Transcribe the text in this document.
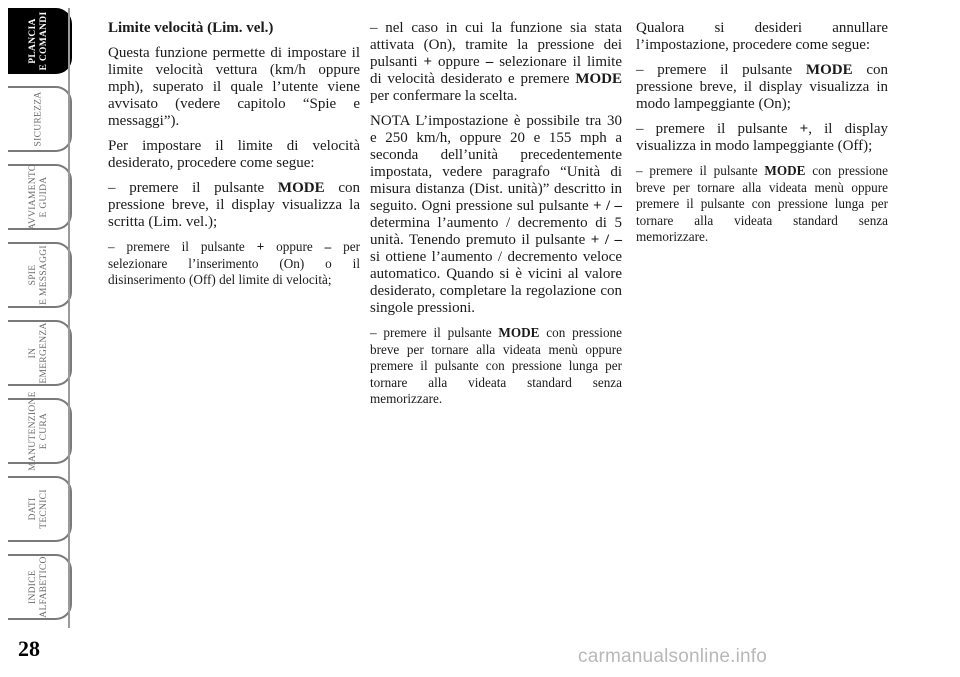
PLANCIA
E COMANDI
SICUREZZA
AVVIAMENTO
E GUIDA
SPIE
E MESSAGGI
IN
EMERGENZA
MANUTENZIONE
E CURA
DATI
TECNICI
INDICE
ALFABETICO
28

Limite velocità (Lim. vel.)

Questa funzione permette di impostare il limite velocità vettura (km/h oppure mph), superato il quale l’utente viene avvisato (vedere capitolo “Spie e messaggi”).

Per impostare il limite di velocità desiderato, procedere come segue:

– premere il pulsante MODE con pressione breve, il display visualizza la scritta (Lim. vel.);

– premere il pulsante + oppure – per selezionare l’inserimento (On) o il disinserimento (Off) del limite di velocità;

– nel caso in cui la funzione sia stata attivata (On), tramite la pressione dei pulsanti + oppure – selezionare il limite di velocità desiderato e premere MODE per confermare la scelta.

NOTA L’impostazione è possibile tra 30 e 250 km/h, oppure 20 e 155 mph a seconda dell’unità precedentemente impostata, vedere paragrafo “Unità di misura distanza (Dist. unità)” descritto in seguito. Ogni pressione sul pulsante + / – determina l’aumento / decremento di 5 unità. Tenendo premuto il pulsante + / – si ottiene l’aumento / decremento veloce automatico. Quando si è vicini al valore desiderato, completare la regolazione con singole pressioni.

– premere il pulsante MODE con pressione breve per tornare alla videata menù oppure premere il pulsante con pressione lunga per tornare alla videata standard senza memorizzare.

Qualora si desideri annullare l’impostazione, procedere come segue:

– premere il pulsante MODE con pressione breve, il display visualizza in modo lampeggiante (On);

– premere il pulsante +, il display visualizza in modo lampeggiante (Off);

– premere il pulsante MODE con pressione breve per tornare alla videata menù oppure premere il pulsante con pressione lunga per tornare alla videata standard senza memorizzare.

carmanualsonline.info
